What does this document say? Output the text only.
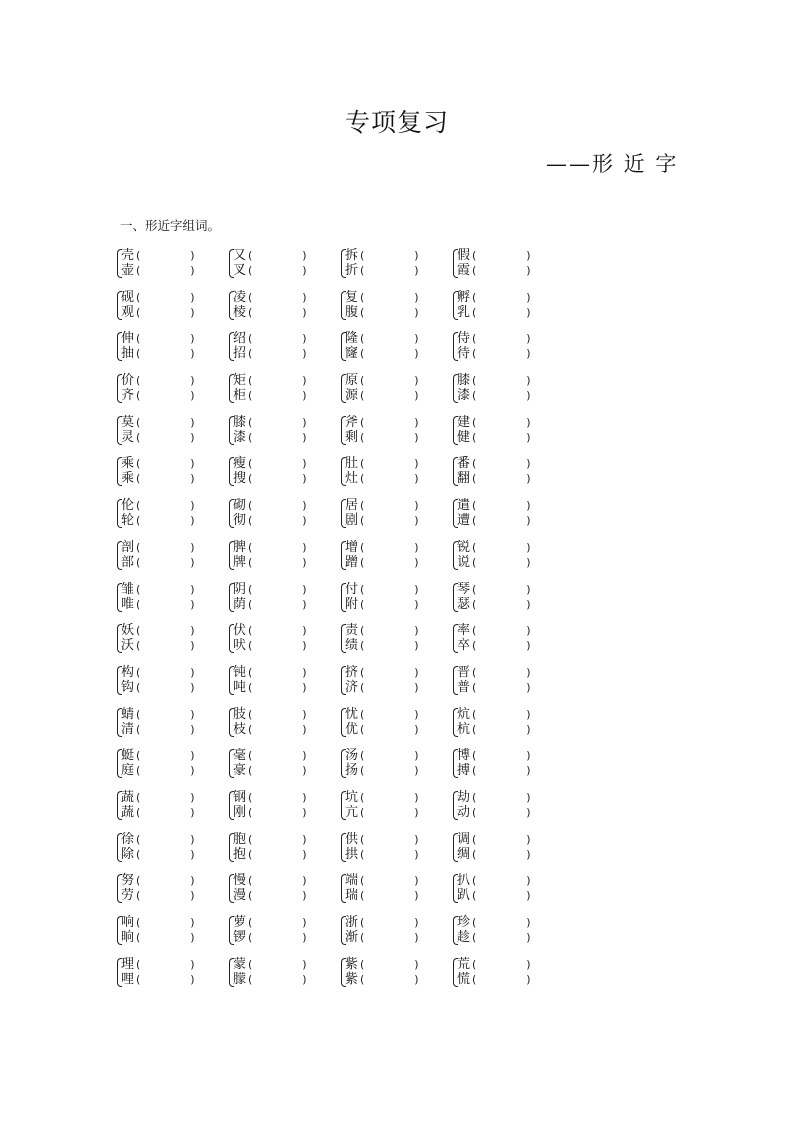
专项复习
——形 近 字
一、形近字组词。
壳 (	)
壶 (	)
又 (	)
叉 (	)
拆 (	)
折 (	)
假 (	)
霞 (	)
砚 (	)
观 (	)
凌 (	)
棱 (	)
复 (	)
腹 (	)
孵 (	)
乳 (	)
伸 (	)
抽 (	)
绍 (	)
招 (	)
隆 (	)
窿 (	)
侍 (	)
待 (	)
价 (	)
齐 (	)
矩 (	)
柜 (	)
原 (	)
源 (	)
膝 (	)
漆 (	)
莫 (	)
灵 (	)
膝 (	)
漆 (	)
斧 (	)
剩 (	)
建 (	)
健 (	)
乘 (	)
乘 (	)
瘦 (	)
搜 (	)
肚 (	)
灶 (	)
番 (	)
翻 (	)
伦 (	)
轮 (	)
砌 (	)
彻 (	)
居 (	)
剧 (	)
遣 (	)
遭 (	)
剖 (	)
部 (	)
脾 (	)
牌 (	)
增 (	)
蹭 (	)
锐 (	)
说 (	)
雏 (	)
唯 (	)
阴 (	)
荫 (	)
付 (	)
附 (	)
琴 (	)
瑟 (	)
妖 (	)
沃 (	)
伏 (	)
吠 (	)
责 (	)
绩 (	)
率 (	)
卒 (	)
构 (	)
钩 (	)
钝 (	)
吨 (	)
挤 (	)
济 (	)
晋 (	)
普 (	)
蜻 (	)
清 (	)
肢 (	)
枝 (	)
忧 (	)
优 (	)
炕 (	)
杭 (	)
蜓 (	)
庭 (	)
毫 (	)
豪 (	)
汤 (	)
扬 (	)
博 (	)
搏 (	)
蔬 (	)
蔬 (	)
钢 (	)
刚 (	)
坑 (	)
亢 (	)
劫 (	)
动 (	)
徐 (	)
除 (	)
胞 (	)
抱 (	)
供 (	)
拱 (	)
调 (	)
绸 (	)
努 (	)
劳 (	)
慢 (	)
漫 (	)
端 (	)
瑞 (	)
扒 (	)
趴 (	)
响 (	)
晌 (	)
萝 (	)
锣 (	)
浙 (	)
渐 (	)
珍 (	)
趁 (	)
理 (	)
哩 (	)
蒙 (	)
朦 (	)
紫 (	)
紫 (	)
荒 (	)
慌 (	)
